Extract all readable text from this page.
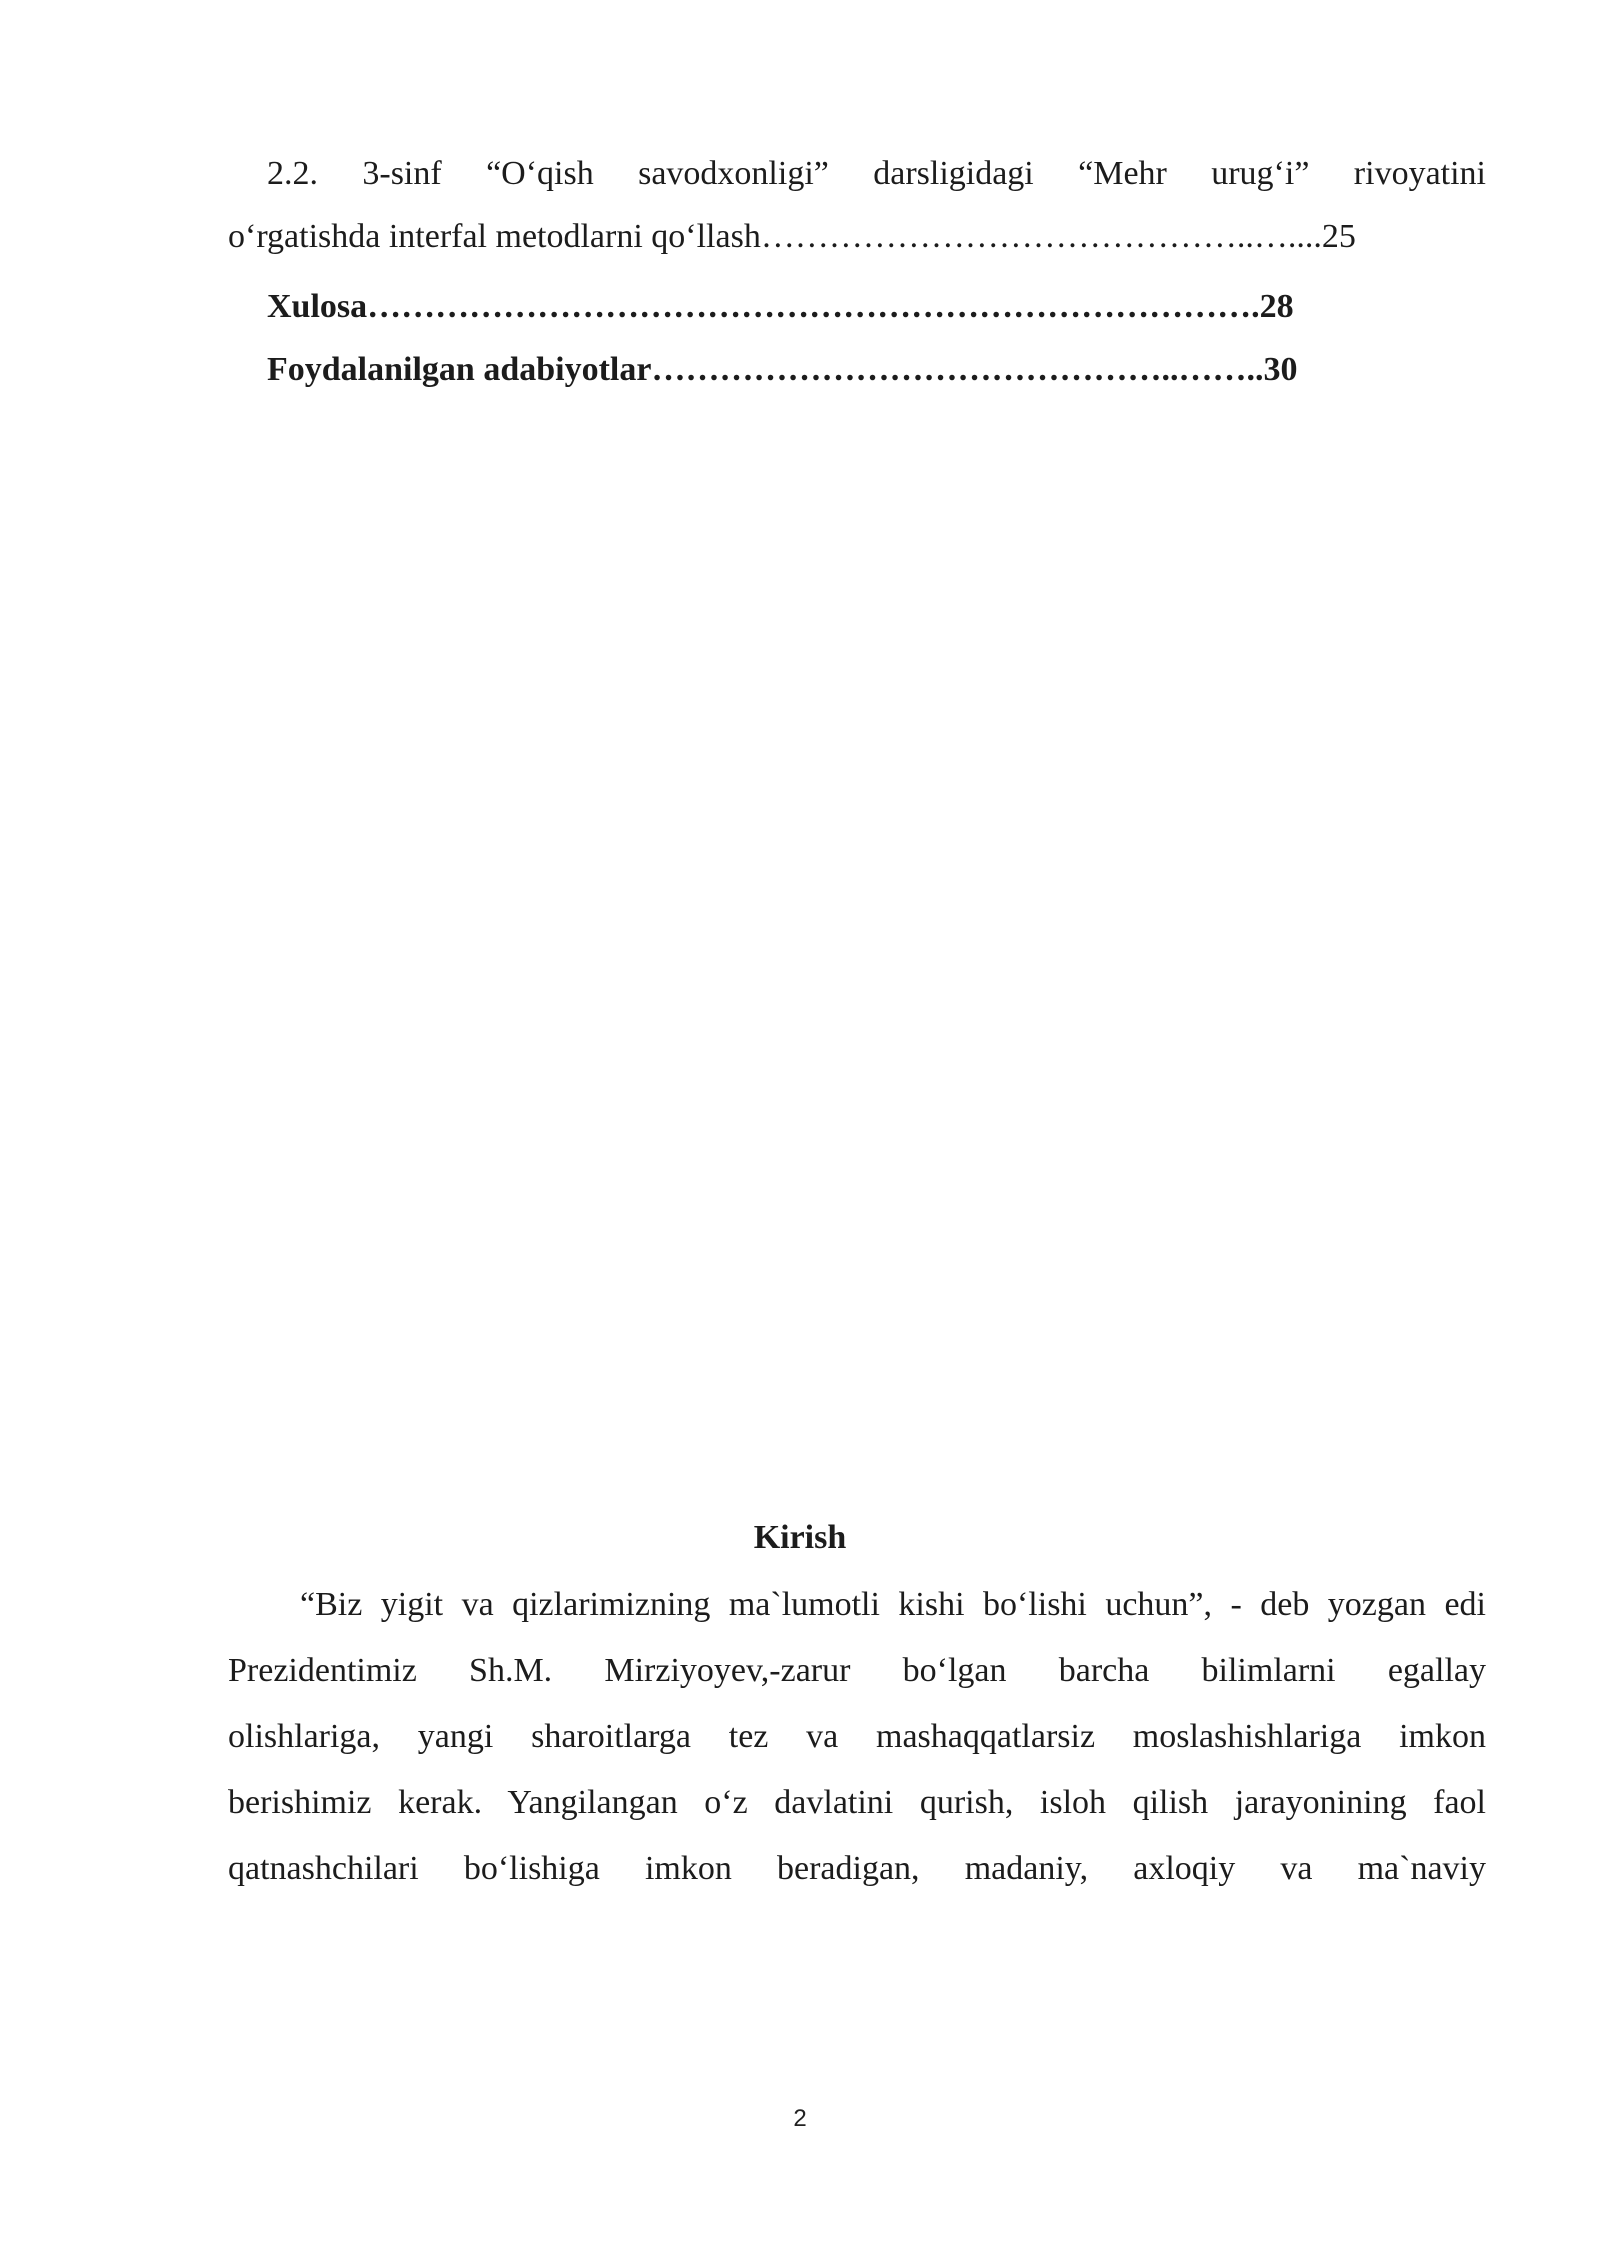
2.2. 3-sinf “O‘qish savodxonligi” darsligidagi “Mehr urug‘i” rivoyatini
o‘rgatishda interfal metodlarni qo‘llash……………………………………..…....25
Xulosa…………………………………………………………………….28
Foydalanilgan adabiyotlar………………………………………..……..30
Kirish
“Biz yigit va qizlarimizning ma`lumotli kishi bo‘lishi uchun”, - deb yozgan edi
Prezidentimiz Sh.M. Mirziyoyev,-zarur bo‘lgan barcha bilimlarni egallay
olishlariga, yangi sharoitlarga tez va mashaqqatlarsiz moslashishlariga imkon
berishimiz kerak. Yangilangan o‘z davlatini qurish, isloh qilish jarayonining faol
qatnashchilari bo‘lishiga imkon beradigan, madaniy, axloqiy va ma`naviy
2
